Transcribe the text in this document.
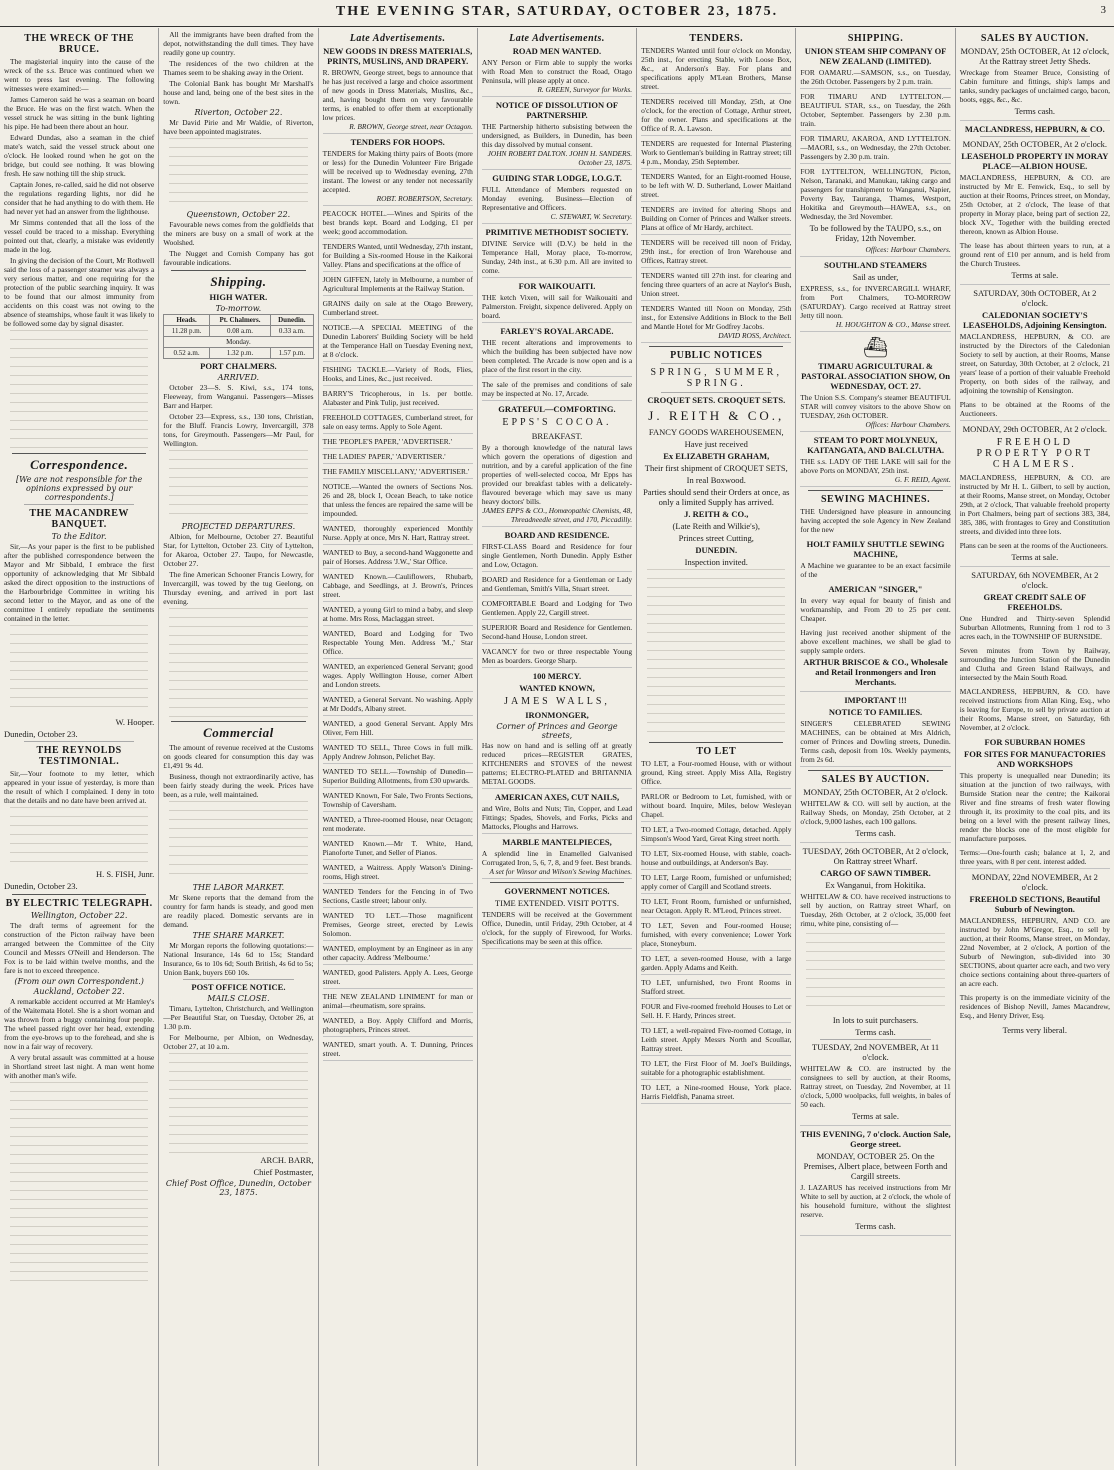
THE EVENING STAR, SATURDAY, OCTOBER 23, 1875.	3
THE WRECK OF THE BRUCE.

The magisterial inquiry into the cause of the wreck of the s.s. Bruce was continued when we went to press last evening. The following witnesses were examined:—

James Cameron said he was a seaman on board the Bruce. He was on the first watch. When the vessel struck he was sitting in the bunk lighting his pipe. He had been there about an hour.

Edward Dundas, also a seaman in the chief mate's watch, said the vessel struck about one o'clock. He looked round when he got on the bridge, but could see nothing. It was blowing fresh. He saw nothing till the ship struck.

Captain Jones, re-called, said he did not observe the regulations regarding lights, nor did he consider that he had anything to do with them. He had never yet had an answer from the lighthouse.

Mr Simms contended that all the loss of the vessel could be traced to a misshap. Everything pointed out that, clearly, a mistake was evidently made in the log.

In giving the decision of the Court, Mr Rothwell said the loss of a passenger steamer was always a very serious matter, and one requiring for the protection of the public searching inquiry. It was to be found that our almost immunity from accidents on this coast was not owing to the absence of steamships, whose fault it was likely to be followed some day by signal disaster.

Correspondence.
[We are not responsible for the opinions expressed by our correspondents.]
THE MACANDREW BANQUET.
To the Editor.

Sir,—As your paper is the first to be published after the published correspondence between the Mayor and Mr Sibbald, I embrace the first opportunity of acknowledging that Mr Sibbald asked the direct opposition to the instructions of the Harbourbridge Committee in writing his second letter to the Mayor, and as one of the committee I entirely repudiate the sentiments contained in the letter.

W. Hooper.
Dunedin, October 23.
THE REYNOLDS TESTIMONIAL.

Sir,—Your footnote to my letter, which appeared in your issue of yesterday, is more than the result of which I complained. I deny in toto that the details and no date have been arrived at.

H. S. FISH, Junr.
Dunedin, October 23.
BY ELECTRIC TELEGRAPH.
Wellington, October 22.

The draft terms of agreement for the construction of the Picton railway have been arranged between the Committee of the City Council and Messrs O'Neill and Henderson. The Fox is to be laid within twelve months, and the fare is not to exceed threepence.

(From our own Correspondent.)
Auckland, October 22.

A remarkable accident occurred at Mr Hamley's of the Waitemata Hotel. She is a short woman and was thrown from a buggy containing four people. The wheel passed right over her head, extending from the eye-brows up to the forehead, and she is now in a fair way of recovery.

A very brutal assault was committed at a house in Shortland street last night. A man went home with another man's wife.

All the immigrants have been drafted from the depot, notwithstanding the dull times. They have readily gone up country.

The residences of the two children at the Thames seem to be shaking away in the Orient.

The Colonial Bank has bought Mr Marshall's house and land, being one of the best sites in the town.

Riverton, October 22.

Mr David Pirie and Mr Waldie, of Riverton, have been appointed magistrates.

Queenstown, October 22.

Favourable news comes from the goldfields that the miners are busy on a small of work at the Woolshed.

The Nugget and Cornish Company has got favourable indications.

Shipping.
HIGH WATER.
To-morrow.
Heads.	Pt. Chalmers.	Dunedin.
11.28 p.m.	0.08 a.m.	0.33 a.m.
Monday.		
0.52 a.m.	1.32 p.m.	1.57 p.m.
PORT CHALMERS.
ARRIVED.

October 23—S. S. Kiwi, s.s., 174 tons, Fleeweay, from Wanganui. Passengers—Misses Barr and Harper.

October 23—Express, s.s., 130 tons, Christian, for the Bluff. Francis Lowry, Invercargill, 378 tons, for Greymouth. Passengers—Mr Paul, for Wellington.

PROJECTED DEPARTURES.

Albion, for Melbourne, October 27. Beautiful Star, for Lyttelton, October 23. City of Lyttelton, for Akaroa, October 27. Taupo, for Newcastle, October 27.

The fine American Schooner Francis Lowry, for Invercargill, was towed by the tug Geelong, on Thursday evening, and arrived in port last evening.

Commercial

The amount of revenue received at the Customs on goods cleared for consumption this day was £1,491 9s 4d.

Business, though not extraordinarily active, has been fairly steady during the week. Prices have been, as a rule, well maintained.

THE LABOR MARKET.

Mr Skene reports that the demand from the country for farm hands is steady, and good men are readily placed. Domestic servants are in demand.

THE SHARE MARKET.

Mr Morgan reports the following quotations:—National Insurance, 14s 6d to 15s; Standard Insurance, 6s to 10s 6d; South British, 4s 6d to 5s; Union Bank, buyers £60 10s.

POST OFFICE NOTICE.
MAILS CLOSE.

Timaru, Lyttelton, Christchurch, and Wellington—Per Beautiful Star, on Tuesday, October 26, at 1.30 p.m.

For Melbourne, per Albion, on Wednesday, October 27, at 10 a.m.

ARCH. BARR,
Chief Postmaster,
Chief Post Office, Dunedin, October 23, 1875.
Late Advertisements.
NEW GOODS IN DRESS MATERIALS, PRINTS, MUSLINS, AND DRAPERY.
R. BROWN, George street, begs to announce that he has just received a large and choice assortment of new goods in Dress Materials, Muslins, &c., and, having bought them on very favourable terms, is enabled to offer them at exceptionally low prices.
R. BROWN, George street, near Octagon.
TENDERS FOR HOOPS.
TENDERS for Making thirty pairs of Boots (more or less) for the Dunedin Volunteer Fire Brigade will be received up to Wednesday evening, 27th instant. The lowest or any tender not necessarily accepted.
ROBT. ROBERTSON, Secretary.
PEACOCK HOTEL.—Wines and Spirits of the best brands kept. Board and Lodging, £1 per week; good accommodation.
TENDERS Wanted, until Wednesday, 27th instant, for Building a Six-roomed House in the Kaikorai Valley. Plans and specifications at the office of
JOHN GIFFEN, lately in Melbourne, a number of Agricultural Implements at the Railway Station.
GRAINS daily on sale at the Otago Brewery, Cumberland street.
NOTICE.—A SPECIAL MEETING of the Dunedin Laborers' Building Society will be held at the Temperance Hall on Tuesday Evening next, at 8 o'clock.
FISHING TACKLE.—Variety of Rods, Flies, Hooks, and Lines, &c., just received.
BARRY'S Tricopherous, in 1s. per bottle. Alabaster and Pink Tulip, just received.
FREEHOLD COTTAGES, Cumberland street, for sale on easy terms. Apply to Sole Agent.
THE 'PEOPLE'S PAPER,' 'ADVERTISER.'
THE LADIES' PAPER,' 'ADVERTISER.'
THE FAMILY MISCELLANY,' 'ADVERTISER.'
NOTICE.—Wanted the owners of Sections Nos. 26 and 28, block I, Ocean Beach, to take notice that unless the fences are repaired the same will be impounded.
WANTED, thoroughly experienced Monthly Nurse. Apply at once, Mrs N. Hart, Rattray street.
WANTED to Buy, a second-hand Waggonette and pair of Horses. Address 'J.W.,' Star Office.
WANTED Known.—Cauliflowers, Rhubarb, Cabbage, and Seedlings, at J. Brown's, Princes street.
WANTED, a young Girl to mind a baby, and sleep at home. Mrs Ross, Maclaggan street.
WANTED, Board and Lodging for Two Respectable Young Men. Address 'M.,' Star Office.
WANTED, an experienced General Servant; good wages. Apply Wellington House, corner Albert and London streets.
WANTED, a General Servant. No washing. Apply at Mr Dodd's, Albany street.
WANTED, a good General Servant. Apply Mrs Oliver, Fern Hill.
WANTED TO SELL, Three Cows in full milk. Apply Andrew Johnson, Pelichet Bay.
WANTED TO SELL.—Township of Dunedin—Superior Building Allotments, from £30 upwards.
WANTED Known, For Sale, Two Fronts Sections, Township of Caversham.
WANTED, a Three-roomed House, near Octagon; rent moderate.
WANTED Known.—Mr T. White, Hand, Pianoforte Tuner, and Seller of Pianos.
WANTED, a Waitress. Apply Watson's Dining-rooms, High street.
WANTED Tenders for the Fencing in of Two Sections, Castle street; labour only.
WANTED TO LET.—Those magnificent Premises, George street, erected by Lewis Solomon.
WANTED, employment by an Engineer as in any other capacity. Address 'Melbourne.'
WANTED, good Palisters. Apply A. Lees, George street.
THE NEW ZEALAND LINIMENT for man or animal—rheumatism, sore sprains.
WANTED, a Boy. Apply Clifford and Morris, photographers, Princes street.
WANTED, smart youth. A. T. Dunning, Princes street.
Late Advertisements.
ROAD MEN WANTED.
ANY Person or Firm able to supply the works with Road Men to construct the Road, Otago Peninsula, will please apply at once.
R. GREEN, Surveyor for Works.
NOTICE OF DISSOLUTION OF PARTNERSHIP.
THE Partnership hitherto subsisting between the undersigned, as Builders, in Dunedin, has been this day dissolved by mutual consent.
JOHN ROBERT DALTON. JOHN H. SANDERS. October 23, 1875.
GUIDING STAR LODGE, I.O.G.T.
FULL Attendance of Members requested on Monday evening. Business—Election of Representative and Officers.
C. STEWART, W. Secretary.
PRIMITIVE METHODIST SOCIETY.
DIVINE Service will (D.V.) be held in the Temperance Hall, Moray place, To-morrow, Sunday, 24th inst., at 6.30 p.m. All are invited to come.
FOR WAIKOUAITI.
THE ketch Vixen, will sail for Waikouaiti and Palmerston. Freight, sixpence delivered. Apply on board.
FARLEY'S ROYAL ARCADE.
THE recent alterations and improvements to which the building has been subjected have now been completed. The Arcade is now open and is a place of the first resort in the city.
The sale of the premises and conditions of sale may be inspected at No. 17, Arcade.
GRATEFUL—COMFORTING.
EPPS'S COCOA.
BREAKFAST.
By a thorough knowledge of the natural laws which govern the operations of digestion and nutrition, and by a careful application of the fine properties of well-selected cocoa, Mr Epps has provided our breakfast tables with a delicately-flavoured beverage which may save us many heavy doctors' bills.
JAMES EPPS & CO., Homœopathic Chemists, 48, Threadneedle street, and 170, Piccadilly.
BOARD AND RESIDENCE.
FIRST-CLASS Board and Residence for four single Gentlemen, North Dunedin. Apply Esther and Low, Octagon.
BOARD and Residence for a Gentleman or Lady and Gentleman, Smith's Villa, Stuart street.
COMFORTABLE Board and Lodging for Two Gentlemen. Apply 22, Cargill street.
SUPERIOR Board and Residence for Gentlemen. Second-hand House, London street.
VACANCY for two or three respectable Young Men as boarders. George Sharp.
100 MERCY.
WANTED KNOWN,
JAMES WALLS,
IRONMONGER,
Corner of Princes and George streets,
Has now on hand and is selling off at greatly reduced prices—REGISTER GRATES, KITCHENERS and STOVES of the newest patterns; ELECTRO-PLATED and BRITANNIA METAL GOODS.
AMERICAN AXES, CUT NAILS,
and Wire, Bolts and Nuts; Tin, Copper, and Lead Fittings; Spades, Shovels, and Forks, Picks and Mattocks, Ploughs and Harrows.
MARBLE MANTELPIECES,
A splendid line in Enamelled Galvanised Corrugated Iron, 5, 6, 7, 8, and 9 feet. Best brands.
A set for Winsor and Wilson's Sewing Machines.
GOVERNMENT NOTICES.
TIME EXTENDED. VISIT POTTS.
TENDERS will be received at the Government Office, Dunedin, until Friday, 29th October, at 4 o'clock, for the supply of Firewood, for Works. Specifications may be seen at this office.
TENDERS.
TENDERS Wanted until four o'clock on Monday, 25th inst., for erecting Stable, with Loose Box, &c., at Anderson's Bay. For plans and specifications apply M'Lean Brothers, Manse street.
TENDERS received till Monday, 25th, at One o'clock, for the erection of Cottage, Arthur street, for the owner. Plans and specifications at the Office of R. A. Lawson.
TENDERS are requested for Internal Plastering Work to Gentleman's building in Rattray street; till 4 p.m., Monday, 25th September.
TENDERS Wanted, for an Eight-roomed House, to be left with W. D. Sutherland, Lower Maitland street.
TENDERS are invited for altering Shops and Building on Corner of Princes and Walker streets. Plans at office of Mr Hardy, architect.
TENDERS will be received till noon of Friday, 29th inst., for erection of Iron Warehouse and Offices, Rattray street.
TENDERS wanted till 27th inst. for clearing and fencing three quarters of an acre at Naylor's Bush, Union street.
TENDERS Wanted till Noon on Monday, 25th inst., for Extensive Additions in Block to the Bell and Mantle Hotel for Mr Godfrey Jacobs.
DAVID ROSS, Architect.
PUBLIC NOTICES
SPRING, SUMMER, SPRING.
CROQUET SETS. CROQUET SETS.
J. REITH & CO.,
FANCY GOODS WAREHOUSEMEN,
Have just received
Ex ELIZABETH GRAHAM,
Their first shipment of CROQUET SETS,
In real Boxwood.
Parties should send their Orders at once, as only a limited Supply has arrived.
J. REITH & CO.,
(Late Reith and Wilkie's),
Princes street Cutting,
DUNEDIN.
Inspection invited.
TO LET
TO LET, a Four-roomed House, with or without ground, King street. Apply Miss Alla, Registry Office.
PARLOR or Bedroom to Let, furnished, with or without board. Inquire, Miles, below Wesleyan Chapel.
TO LET, a Two-roomed Cottage, detached. Apply Simpson's Wood Yard, Great King street north.
TO LET, Six-roomed House, with stable, coach-house and outbuildings, at Anderson's Bay.
TO LET, Large Room, furnished or unfurnished; apply corner of Cargill and Scotland streets.
TO LET, Front Room, furnished or unfurnished, near Octagon. Apply R. M'Leod, Princes street.
TO LET, Seven and Four-roomed House; furnished, with every convenience; Lower York place, Stoneyburn.
TO LET, a seven-roomed House, with a large garden. Apply Adams and Keith.
TO LET, unfurnished, two Front Rooms in Stafford street.
FOUR and Five-roomed freehold Houses to Let or Sell. H. F. Hardy, Princes street.
TO LET, a well-repaired Five-roomed Cottage, in Leith street. Apply Messrs North and Scoullar, Rattray street.
TO LET, the First Floor of M. Joel's Buildings, suitable for a photographic establishment.
TO LET, a Nine-roomed House, York place. Harris Fieldfish, Panama street.
SHIPPING.
UNION STEAM SHIP COMPANY OF NEW ZEALAND (LIMITED).
FOR OAMARU.—SAMSON, s.s., on Tuesday, the 26th October. Passengers by 2 p.m. train.
FOR TIMARU AND LYTTELTON.—BEAUTIFUL STAR, s.s., on Tuesday, the 26th October, September. Passengers by 2.30 p.m. train.
FOR TIMARU, AKAROA, AND LYTTELTON.—MAORI, s.s., on Wednesday, the 27th October. Passengers by 2.30 p.m. train.
FOR LYTTELTON, WELLINGTON, Picton, Nelson, Taranaki, and Manukau, taking cargo and passengers for transhipment to Wanganui, Napier, Poverty Bay, Tauranga, Thames, Westport, Hokitika and Greymouth—HAWEA, s.s., on Wednesday, the 3rd November.
To be followed by the TAUPO, s.s., on Friday, 12th November.
Offices: Harbour Chambers.
SOUTHLAND STEAMERS
Sail as under,
EXPRESS, s.s., for INVERCARGILL WHARF, from Port Chalmers, TO-MORROW (SATURDAY). Cargo received at Rattray street Jetty till noon.
H. HOUGHTON & CO., Manse street.
⛴
TIMARU AGRICULTURAL & PASTORAL ASSOCIATION SHOW, On WEDNESDAY, OCT. 27.
The Union S.S. Company's steamer BEAUTIFUL STAR will convey visitors to the above Show on TUESDAY, 26th OCTOBER.
Offices: Harbour Chambers.
STEAM TO PORT MOLYNEUX, KAITANGATA, AND BALCLUTHA.
THE s.s. LADY OF THE LAKE will sail for the above Ports on MONDAY, 25th inst.
G. F. REID, Agent.
SEWING MACHINES.
THE Undersigned have pleasure in announcing having accepted the sole Agency in New Zealand for the new
HOLT FAMILY SHUTTLE SEWING MACHINE,
A Machine we guarantee to be an exact facsimile of the
AMERICAN "SINGER,"
In every way equal for beauty of finish and workmanship, and From 20 to 25 per cent. Cheaper.
Having just received another shipment of the above excellent machines, we shall be glad to supply sample orders.
ARTHUR BRISCOE & CO., Wholesale and Retail Ironmongers and Iron Merchants.
IMPORTANT !!!
NOTICE TO FAMILIES.
SINGER'S CELEBRATED SEWING MACHINES, can be obtained at Mrs Aldrich, corner of Princes and Dowling streets, Dunedin. Terms cash, deposit from 10s. Weekly payments, from 2s 6d.
SALES BY AUCTION.
MONDAY, 25th OCTOBER, At 2 o'clock.
WHITELAW & CO. will sell by auction, at the Railway Sheds, on Monday, 25th October, at 2 o'clock, 9,000 lashes, each 100 gallons.
Terms cash.
TUESDAY, 26th OCTOBER, At 2 o'clock, On Rattray street Wharf.
CARGO OF SAWN TIMBER.
Ex Wanganui, from Hokitika.
WHITELAW & CO. have received instructions to sell by auction, on Rattray street Wharf, on Tuesday, 26th October, at 2 o'clock, 35,000 feet rimu, white pine, consisting of—
In lots to suit purchasers.
Terms cash.
TUESDAY, 2nd NOVEMBER, At 11 o'clock.
WHITELAW & CO. are instructed by the consignees to sell by auction, at their Rooms, Rattray street, on Tuesday, 2nd November, at 11 o'clock, 5,000 woolpacks, full weights, in bales of 50 each.
Terms at sale.
THIS EVENING, 7 o'clock. Auction Sale, George street.
MONDAY, OCTOBER 25. On the Premises, Albert place, between Forth and Cargill streets.
J. LAZARUS has received instructions from Mr White to sell by auction, at 2 o'clock, the whole of his household furniture, without the slightest reserve.
Terms cash.
SALES BY AUCTION.
MONDAY, 25th OCTOBER, At 12 o'clock, At the Rattray street Jetty Sheds.
Wreckage from Steamer Bruce, Consisting of Cabin furniture and fittings, ship's lamps and tanks, sundry packages of unclaimed cargo, bacon, boots, eggs, &c., &c.
Terms cash.
MACLANDRESS, HEPBURN, & CO.
MONDAY, 25th OCTOBER, At 2 o'clock.
LEASEHOLD PROPERTY IN MORAY PLACE—ALBION HOUSE.
MACLANDRESS, HEPBURN, & CO. are instructed by Mr E. Fenwick, Esq., to sell by auction at their Rooms, Princes street, on Monday, 25th October, at 2 o'clock, The lease of that property in Moray place, being part of section 22, block XV., Together with the building erected thereon, known as Albion House.
The lease has about thirteen years to run, at a ground rent of £10 per annum, and is held from the Church Trustees.
Terms at sale.
SATURDAY, 30th OCTOBER, At 2 o'clock.
CALEDONIAN SOCIETY'S LEASEHOLDS, Adjoining Kensington.
MACLANDRESS, HEPBURN, & CO. are instructed by the Directors of the Caledonian Society to sell by auction, at their Rooms, Manse street, on Saturday, 30th October, at 2 o'clock, 21 years' lease of a portion of their valuable Freehold Property, on both sides of the railway, and adjoining the township of Kensington.
Plans to be obtained at the Rooms of the Auctioneers.
MONDAY, 29th OCTOBER, At 2 o'clock.
FREEHOLD PROPERTY PORT CHALMERS.
MACLANDRESS, HEPBURN, & CO. are instructed by Mr H. L. Gilbert, to sell by auction, at their Rooms, Manse street, on Monday, October 29th, at 2 o'clock, That valuable freehold property in Port Chalmers, being part of sections 383, 384, 385, 386, with frontages to Grey and Constitution streets, and divided into three lots.
Plans can be seen at the rooms of the Auctioneers.
Terms at sale.
SATURDAY, 6th NOVEMBER, At 2 o'clock.
GREAT CREDIT SALE OF FREEHOLDS.
One Hundred and Thirty-seven Splendid Suburban Allotments, Running from 1 rod to 3 acres each, in the TOWNSHIP OF BURNSIDE.
Seven minutes from Town by Railway, surrounding the Junction Station of the Dunedin and Clutha and Green Island Railways, and intersected by the Main South Road.
MACLANDRESS, HEPBURN, & CO. have received instructions from Allan King, Esq., who is leaving for Europe, to sell by private auction at their Rooms, Manse street, on Saturday, 6th November, at 2 o'clock.
FOR SUBURBAN HOMES
FOR SITES FOR MANUFACTORIES AND WORKSHOPS
This property is unequalled near Dunedin; its situation at the junction of two railways, with Burnside Station near the centre; the Kaikorai River and fine streams of fresh water flowing through it, its proximity to the coal pits, and its being on a level with the present railway lines, render the blocks one of the most eligible for manufacture purposes.
Terms:—One-fourth cash; balance at 1, 2, and three years, with 8 per cent. interest added.
MONDAY, 22nd NOVEMBER, At 2 o'clock.
FREEHOLD SECTIONS, Beautiful Suburb of Newington.
MACLANDRESS, HEPBURN, AND CO. are instructed by John M'Gregor, Esq., to sell by auction, at their Rooms, Manse street, on Monday, 22nd November, at 2 o'clock, A portion of the Suburb of Newington, sub-divided into 30 SECTIONS, about quarter acre each, and two very choice sections containing about three-quarters of an acre each.
This property is on the immediate vicinity of the residences of Bishop Nevill, James Macandrew, Esq., and Henry Driver, Esq.
Terms very liberal.
